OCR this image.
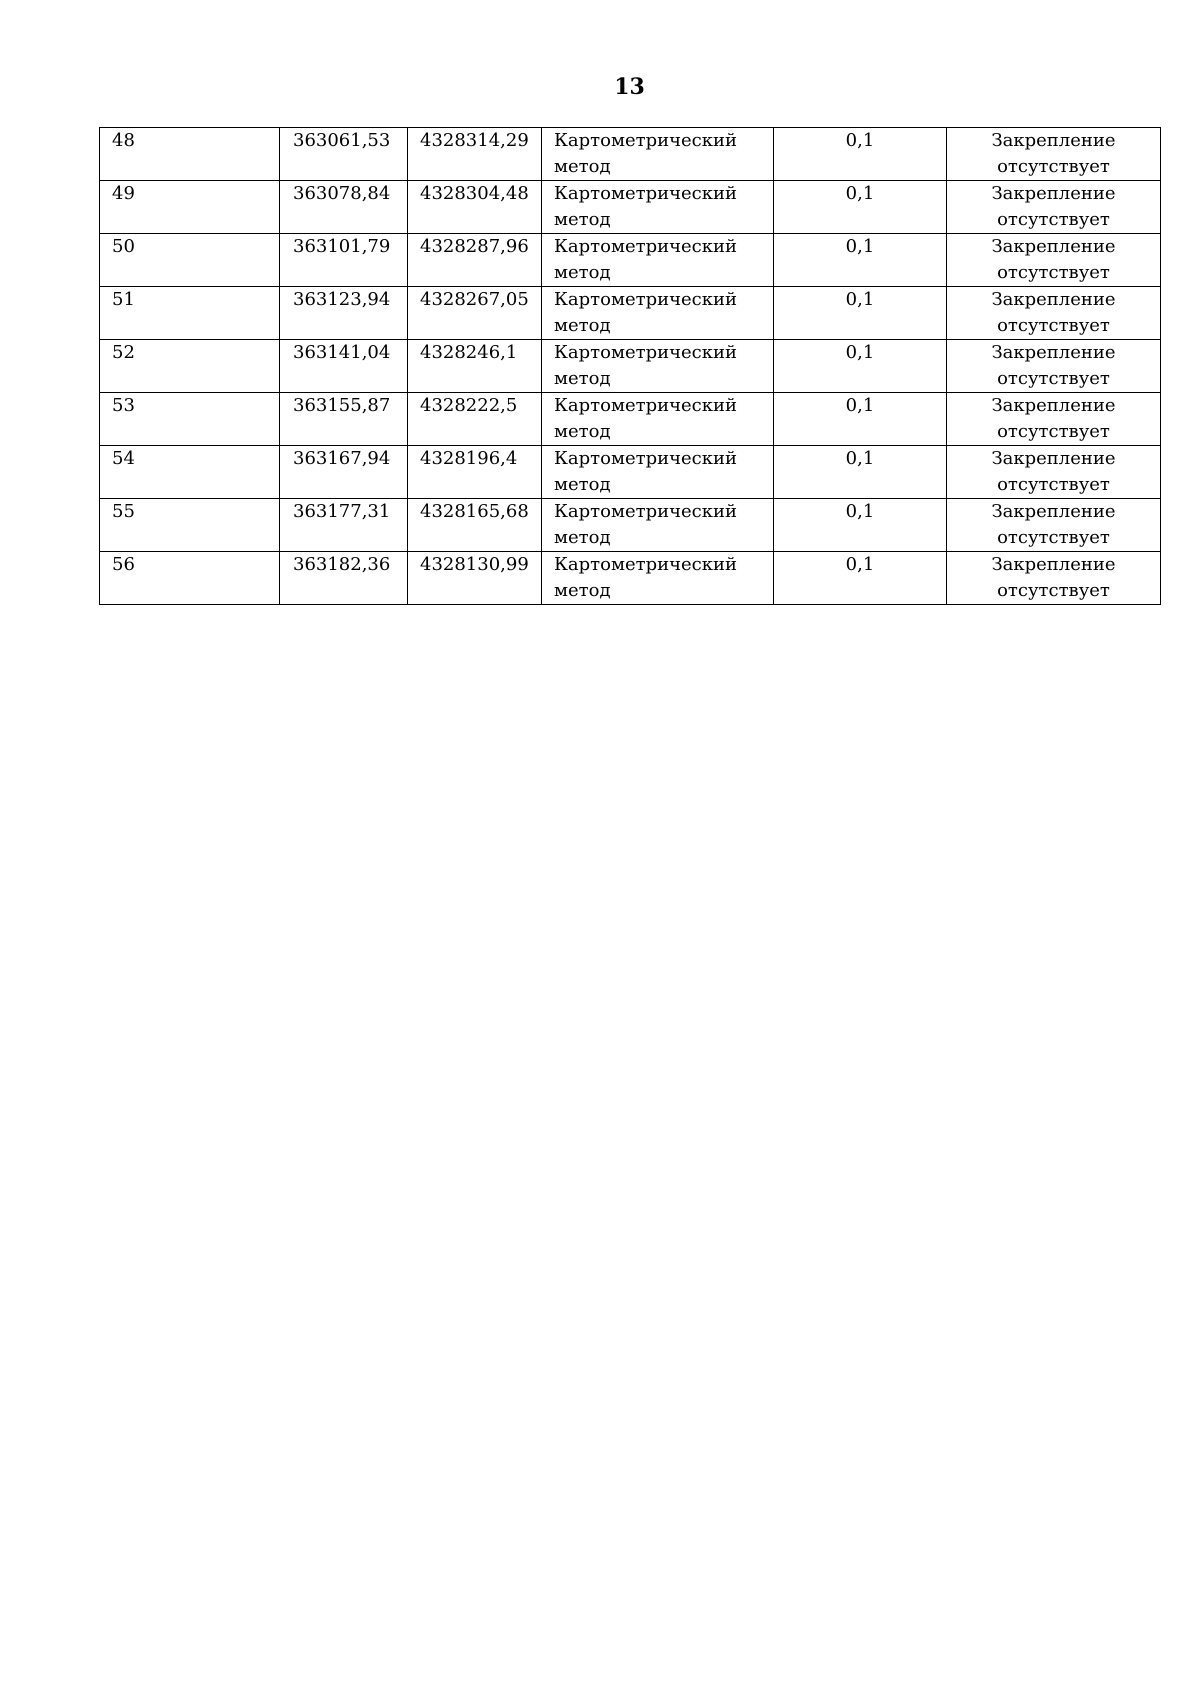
13
48	363061,53	4328314,29	Картометрический метод	0,1	Закрепление отсутствует

49	363078,84	4328304,48	Картометрический метод	0,1	Закрепление отсутствует

50	363101,79	4328287,96	Картометрический метод	0,1	Закрепление отсутствует

51	363123,94	4328267,05	Картометрический метод	0,1	Закрепление отсутствует

52	363141,04	4328246,1	Картометрический метод	0,1	Закрепление отсутствует

53	363155,87	4328222,5	Картометрический метод	0,1	Закрепление отсутствует

54	363167,94	4328196,4	Картометрический метод	0,1	Закрепление отсутствует

55	363177,31	4328165,68	Картометрический метод	0,1	Закрепление отсутствует

56	363182,36	4328130,99	Картометрический метод	0,1	Закрепление отсутствует
